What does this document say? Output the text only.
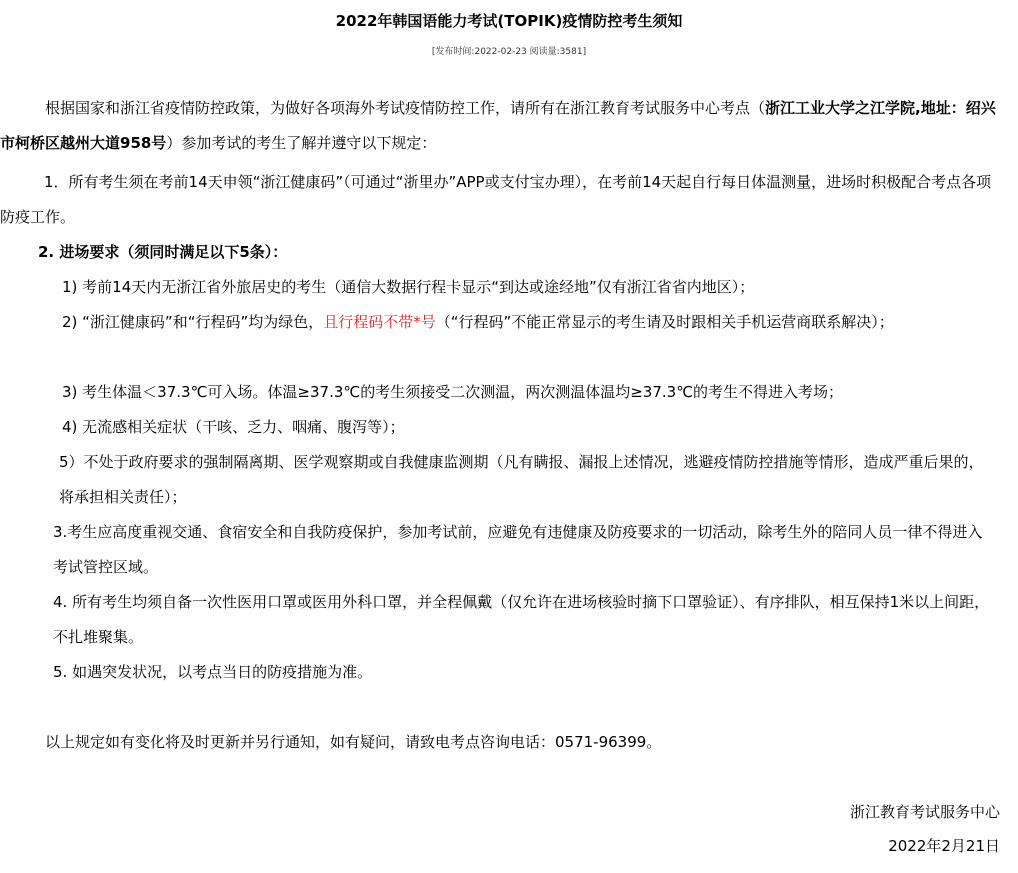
2022年韩国语能力考试(TOPIK)疫情防控考生须知
[发布时间:2022-02-23 阅读量:3581]

根据国家和浙江省疫情防控政策，为做好各项海外考试疫情防控工作，请所有在浙江教育考试服务中心考点（浙江工业大学之江学院,地址：绍兴市柯桥区越州大道958号）参加考试的考生了解并遵守以下规定：

1．所有考生须在考前14天申领“浙江健康码”（可通过“浙里办”APP或支付宝办理），在考前14天起自行每日体温测量，进场时积极配合考点各项防疫工作。

2. 进场要求（须同时满足以下5条）：

1) 考前14天内无浙江省外旅居史的考生（通信大数据行程卡显示“到达或途经地”仅有浙江省省内地区）；

2) “浙江健康码”和“行程码”均为绿色，且行程码不带*号（“行程码”不能正常显示的考生请及时跟相关手机运营商联系解决）；

3) 考生体温＜37.3℃可入场。体温≥37.3℃的考生须接受二次测温，两次测温体温均≥37.3℃的考生不得进入考场；

4) 无流感相关症状（干咳、乏力、咽痛、腹泻等）；

5）不处于政府要求的强制隔离期、医学观察期或自我健康监测期（凡有瞒报、漏报上述情况，逃避疫情防控措施等情形，造成严重后果的，将承担相关责任）；

3.考生应高度重视交通、食宿安全和自我防疫保护，参加考试前，应避免有违健康及防疫要求的一切活动，除考生外的陪同人员一律不得进入考试管控区域。

4. 所有考生均须自备一次性医用口罩或医用外科口罩，并全程佩戴（仅允许在进场核验时摘下口罩验证）、有序排队，相互保持1米以上间距，不扎堆聚集。

5. 如遇突发状况，以考点当日的防疫措施为准。

以上规定如有变化将及时更新并另行通知，如有疑问，请致电考点咨询电话：0571-96399。

浙江教育考试服务中心
2022年2月21日
